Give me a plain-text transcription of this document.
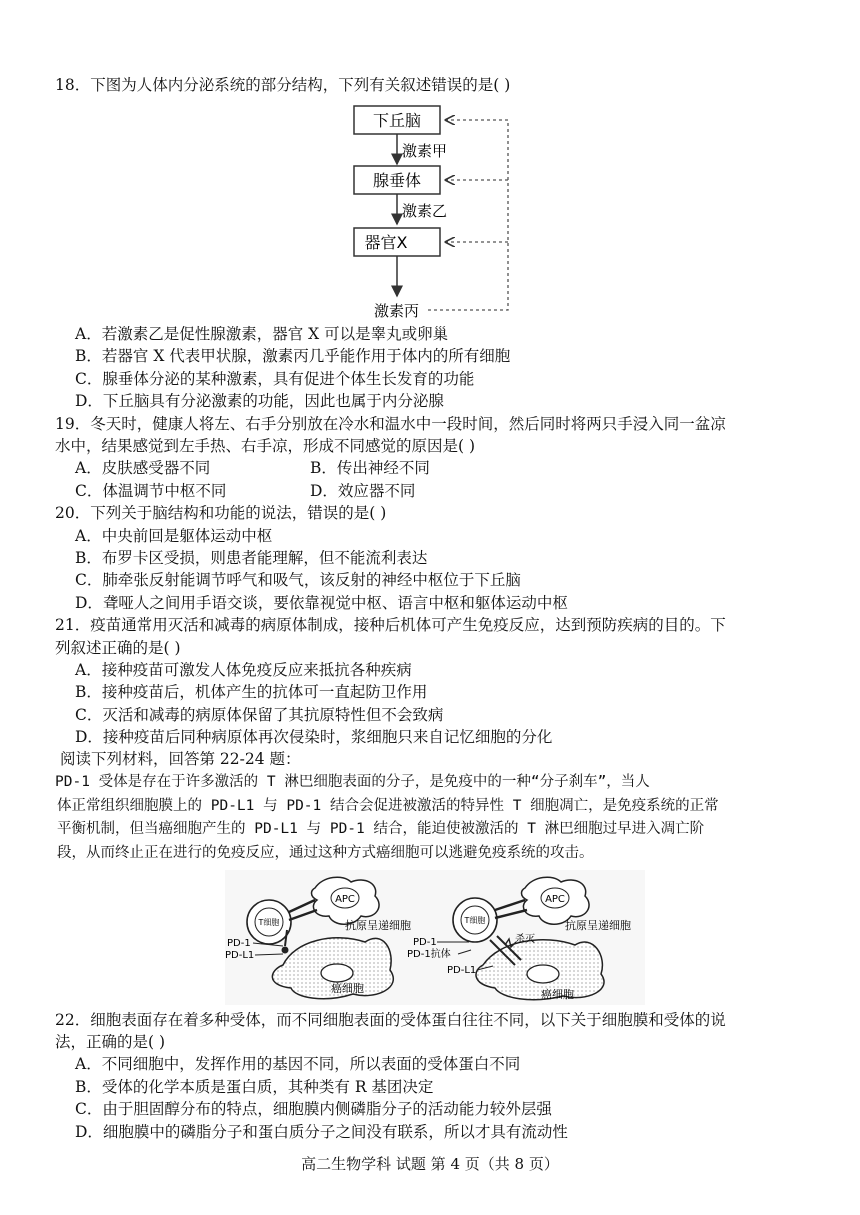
18．下图为人体内分泌系统的部分结构，下列有关叙述错误的是( )
下丘脑
激素甲
腺垂体
激素乙
器官X
激素丙
A．若激素乙是促性腺激素，器官 X 可以是睾丸或卵巢
B．若器官 X 代表甲状腺，激素丙几乎能作用于体内的所有细胞
C．腺垂体分泌的某种激素，具有促进个体生长发育的功能
D．下丘脑具有分泌激素的功能，因此也属于内分泌腺
19．冬天时，健康人将左、右手分别放在冷水和温水中一段时间，然后同时将两只手浸入同一盆凉
水中，结果感觉到左手热、右手凉，形成不同感觉的原因是( )
A．皮肤感受器不同	B．传出神经不同
C．体温调节中枢不同	D．效应器不同
20．下列关于脑结构和功能的说法，错误的是( )
A．中央前回是躯体运动中枢
B．布罗卡区受损，则患者能理解，但不能流利表达
C．肺牵张反射能调节呼气和吸气，该反射的神经中枢位于下丘脑
D．聋哑人之间用手语交谈，要依靠视觉中枢、语言中枢和躯体运动中枢
21．疫苗通常用灭活和减毒的病原体制成，接种后机体可产生免疫反应，达到预防疾病的目的。下
列叙述正确的是( )
A．接种疫苗可激发人体免疫反应来抵抗各种疾病
B．接种疫苗后，机体产生的抗体可一直起防卫作用
C．灭活和减毒的病原体保留了其抗原特性但不会致病
D．接种疫苗后同种病原体再次侵染时，浆细胞只来自记忆细胞的分化
阅读下列材料，回答第 22-24 题：
PD-1 受体是存在于许多激活的 T 淋巴细胞表面的分子，是免疫中的一种“分子刹车”，当人
体正常组织细胞膜上的 PD-L1 与 PD-1 结合会促进被激活的特异性 T 细胞凋亡，是免疫系统的正常
平衡机制，但当癌细胞产生的 PD-L1 与 PD-1 结合，能迫使被激活的 T 淋巴细胞过早进入凋亡阶
段，从而终止正在进行的免疫反应，通过这种方式癌细胞可以逃避免疫系统的攻击。
APC
T细胞	抗原呈递细胞
PD-1
PD-L1
癌细胞
APC
T细胞
杀灭
抗原呈递细胞
PD-1
PD-1抗体
PD-L1
癌细胞
22．细胞表面存在着多种受体，而不同细胞表面的受体蛋白往往不同，以下关于细胞膜和受体的说
法，正确的是( )
A．不同细胞中，发挥作用的基因不同，所以表面的受体蛋白不同
B．受体的化学本质是蛋白质，其种类有 R 基团决定
C．由于胆固醇分布的特点，细胞膜内侧磷脂分子的活动能力较外层强
D．细胞膜中的磷脂分子和蛋白质分子之间没有联系，所以才具有流动性
高二生物学科 试题 第 4 页（共 8 页）
